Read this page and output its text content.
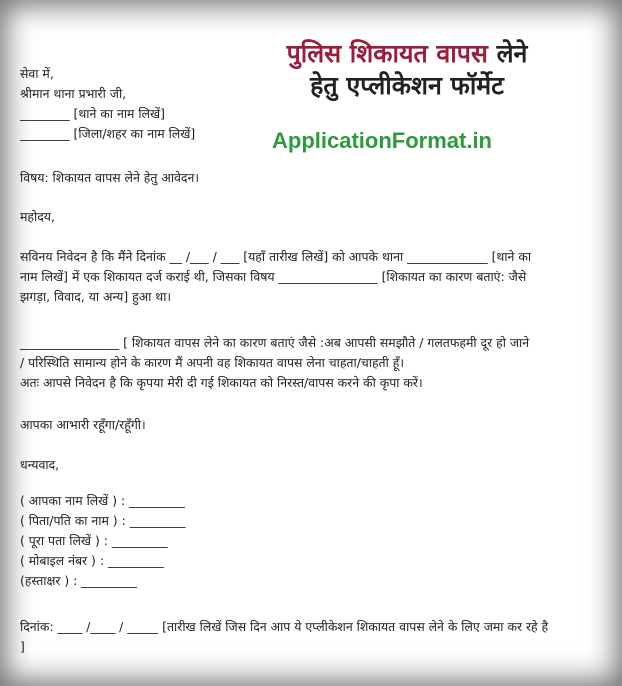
पुलिस शिकायत वापस लेने
हेतु एप्लीकेशन फॉर्मेट
ApplicationFormat.in
सेवा में,
श्रीमान थाना प्रभारी जी,
________ [थाने का नाम लिखें]
________ [जिला/शहर का नाम लिखें]
विषय: शिकायत वापस लेने हेतु आवेदन।
महोदय,
सविनय निवेदन है कि मैंने दिनांक __ /___ / ___ [यहाँ तारीख लिखें] को आपके थाना _____________ [थाने का
नाम लिखें] में एक शिकायत दर्ज कराई थी, जिसका विषय ________________ [शिकायत का कारण बताएं: जैसे
झगड़ा, विवाद, या अन्य] हुआ था।
________________ [ शिकायत वापस लेने का कारण बताएं जैसे :अब आपसी समझौते / गलतफहमी दूर हो जाने
/ परिस्थिति सामान्य होने के कारण मैं अपनी वह शिकायत वापस लेना चाहता/चाहती हूँ।
अतः आपसे निवेदन है कि कृपया मेरी दी गई शिकायत को निरस्त/वापस करने की कृपा करें।
आपका आभारी रहूँगा/रहूँगी।
धन्यवाद,
( आपका नाम लिखें ) : _________
( पिता/पति का नाम ) : _________
( पूरा पता लिखें ) : _________
( मोबाइल नंबर ) : _________
(हस्ताक्षर ) : _________
दिनांक: ____ /____ / _____ [तारीख लिखें जिस दिन आप ये एप्लीकेशन शिकायत वापस लेने के लिए जमा कर रहे है
]
